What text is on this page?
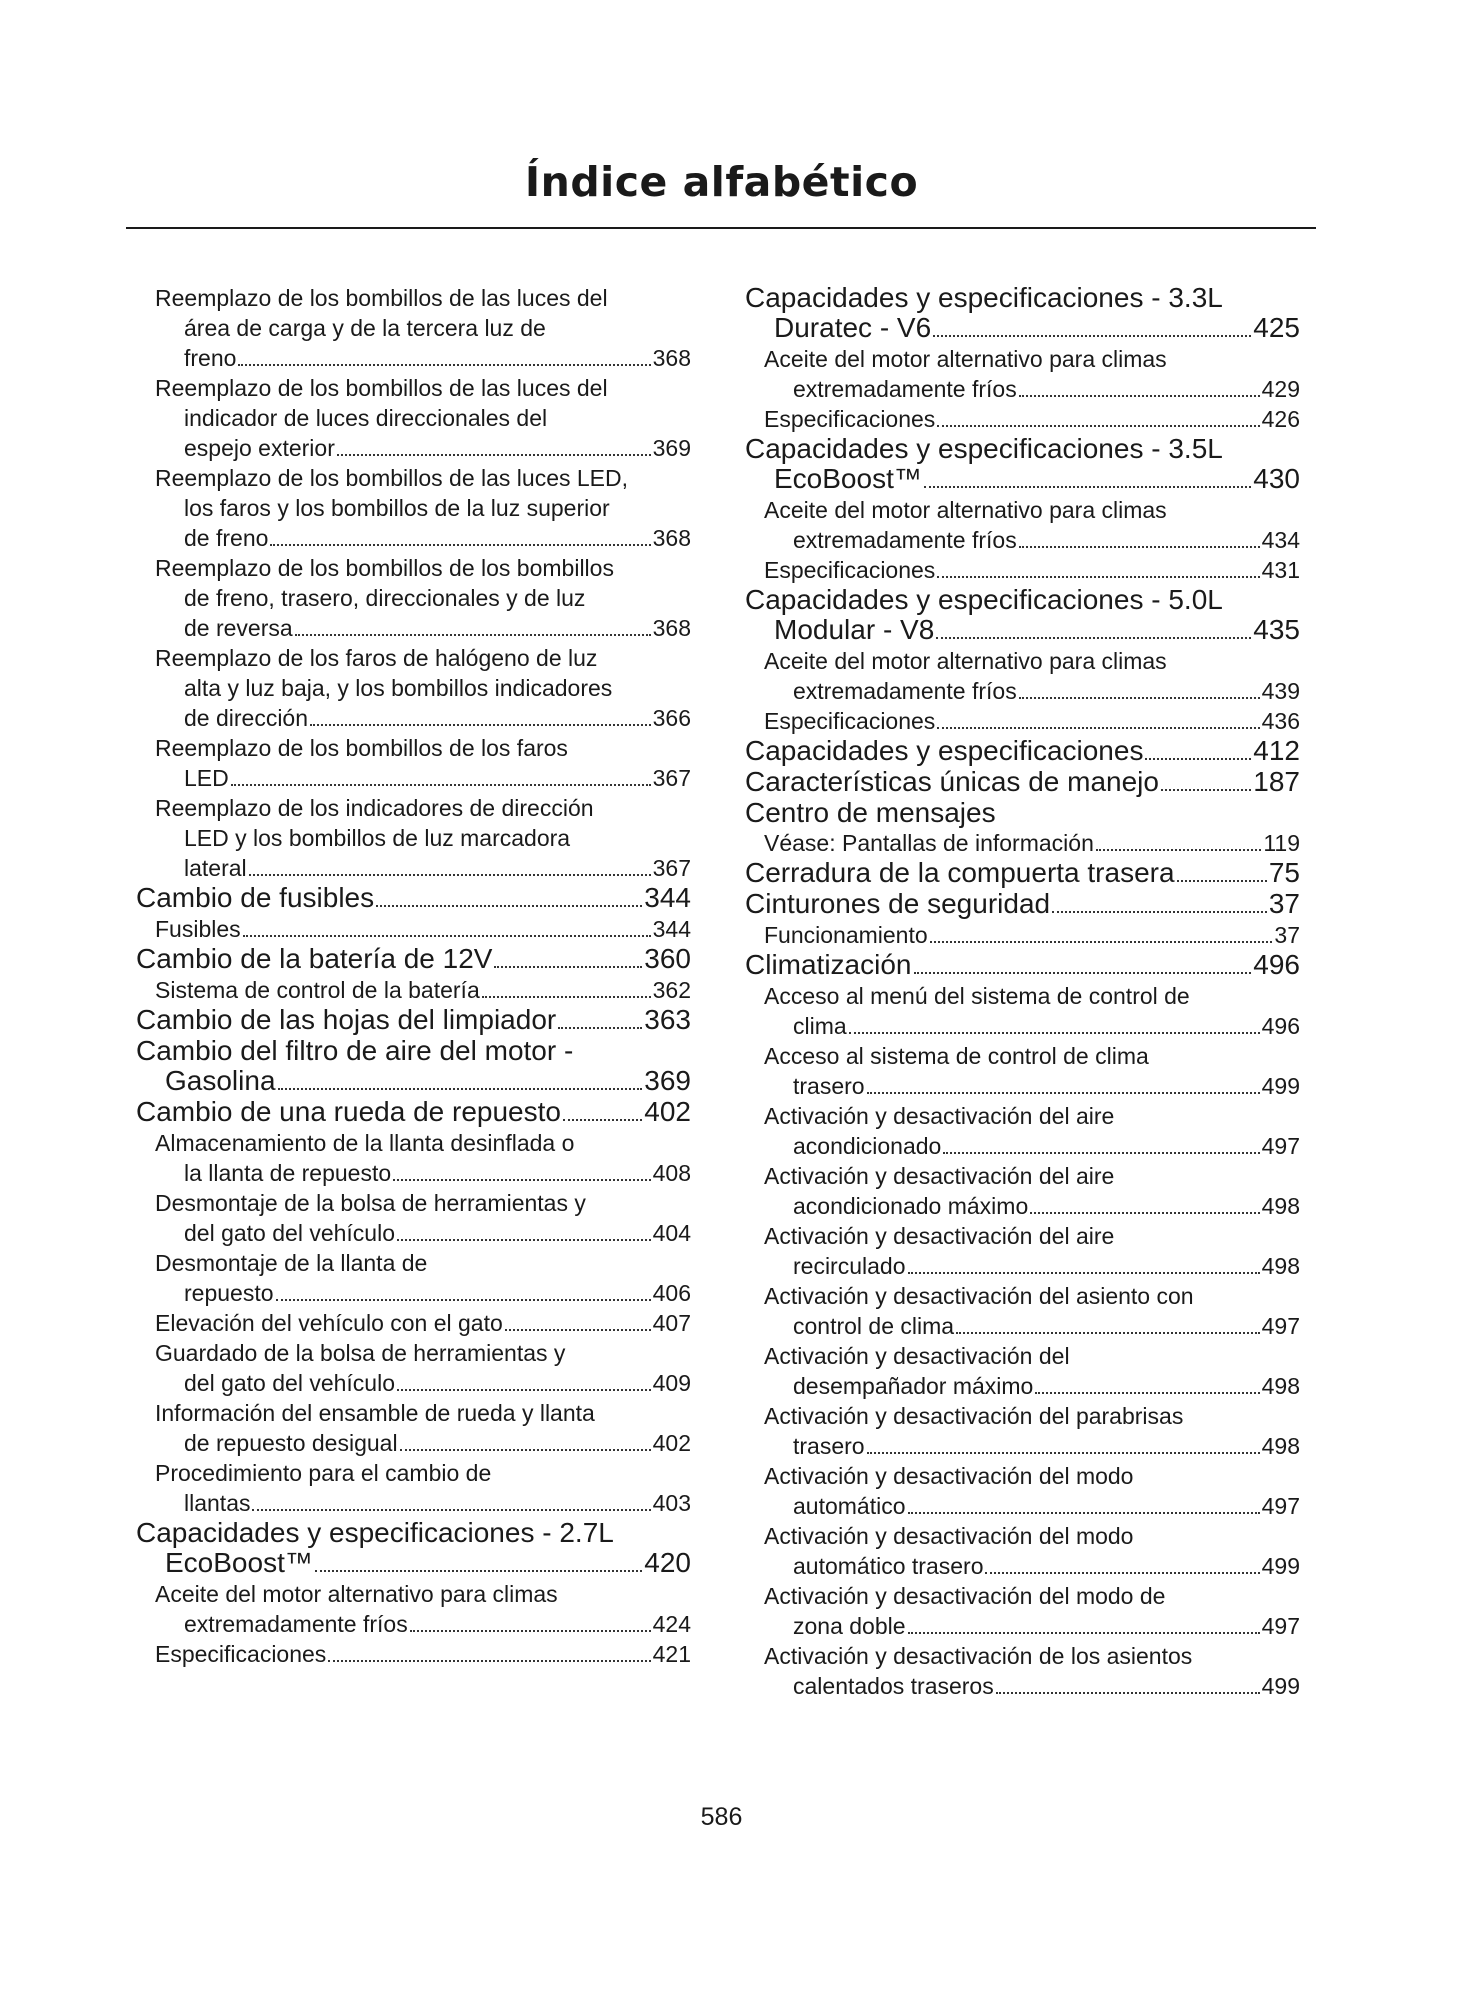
Índice alfabético
Reemplazo de los bombillos de las luces del
área de carga y de la tercera luz de
freno	368
Reemplazo de los bombillos de las luces del
indicador de luces direccionales del
espejo exterior	369
Reemplazo de los bombillos de las luces LED,
los faros y los bombillos de la luz superior
de freno	368
Reemplazo de los bombillos de los bombillos
de freno, trasero, direccionales y de luz
de reversa	368
Reemplazo de los faros de halógeno de luz
alta y luz baja, y los bombillos indicadores
de dirección	366
Reemplazo de los bombillos de los faros
LED	367
Reemplazo de los indicadores de dirección
LED y los bombillos de luz marcadora
lateral	367
Cambio de fusibles	344
Fusibles	344
Cambio de la batería de 12V	360
Sistema de control de la batería	362
Cambio de las hojas del limpiador	363
Cambio del filtro de aire del motor -
Gasolina	369
Cambio de una rueda de repuesto	402
Almacenamiento de la llanta desinflada o
la llanta de repuesto	408
Desmontaje de la bolsa de herramientas y
del gato del vehículo	404
Desmontaje de la llanta de
repuesto	406
Elevación del vehículo con el gato	407
Guardado de la bolsa de herramientas y
del gato del vehículo	409
Información del ensamble de rueda y llanta
de repuesto desigual	402
Procedimiento para el cambio de
llantas	403
Capacidades y especificaciones - 2.7L
EcoBoost™	420
Aceite del motor alternativo para climas
extremadamente fríos	424
Especificaciones	421
Capacidades y especificaciones - 3.3L
Duratec - V6	425
Aceite del motor alternativo para climas
extremadamente fríos	429
Especificaciones	426
Capacidades y especificaciones - 3.5L
EcoBoost™	430
Aceite del motor alternativo para climas
extremadamente fríos	434
Especificaciones	431
Capacidades y especificaciones - 5.0L
Modular - V8	435
Aceite del motor alternativo para climas
extremadamente fríos	439
Especificaciones	436
Capacidades y especificaciones	412
Características únicas de manejo	187
Centro de mensajes
Véase: Pantallas de información	119
Cerradura de la compuerta trasera	75
Cinturones de seguridad	37
Funcionamiento	37
Climatización	496
Acceso al menú del sistema de control de
clima	496
Acceso al sistema de control de clima
trasero	499
Activación y desactivación del aire
acondicionado	497
Activación y desactivación del aire
acondicionado máximo	498
Activación y desactivación del aire
recirculado	498
Activación y desactivación del asiento con
control de clima	497
Activación y desactivación del
desempañador máximo	498
Activación y desactivación del parabrisas
trasero	498
Activación y desactivación del modo
automático	497
Activación y desactivación del modo
automático trasero	499
Activación y desactivación del modo de
zona doble	497
Activación y desactivación de los asientos
calentados traseros	499
586
